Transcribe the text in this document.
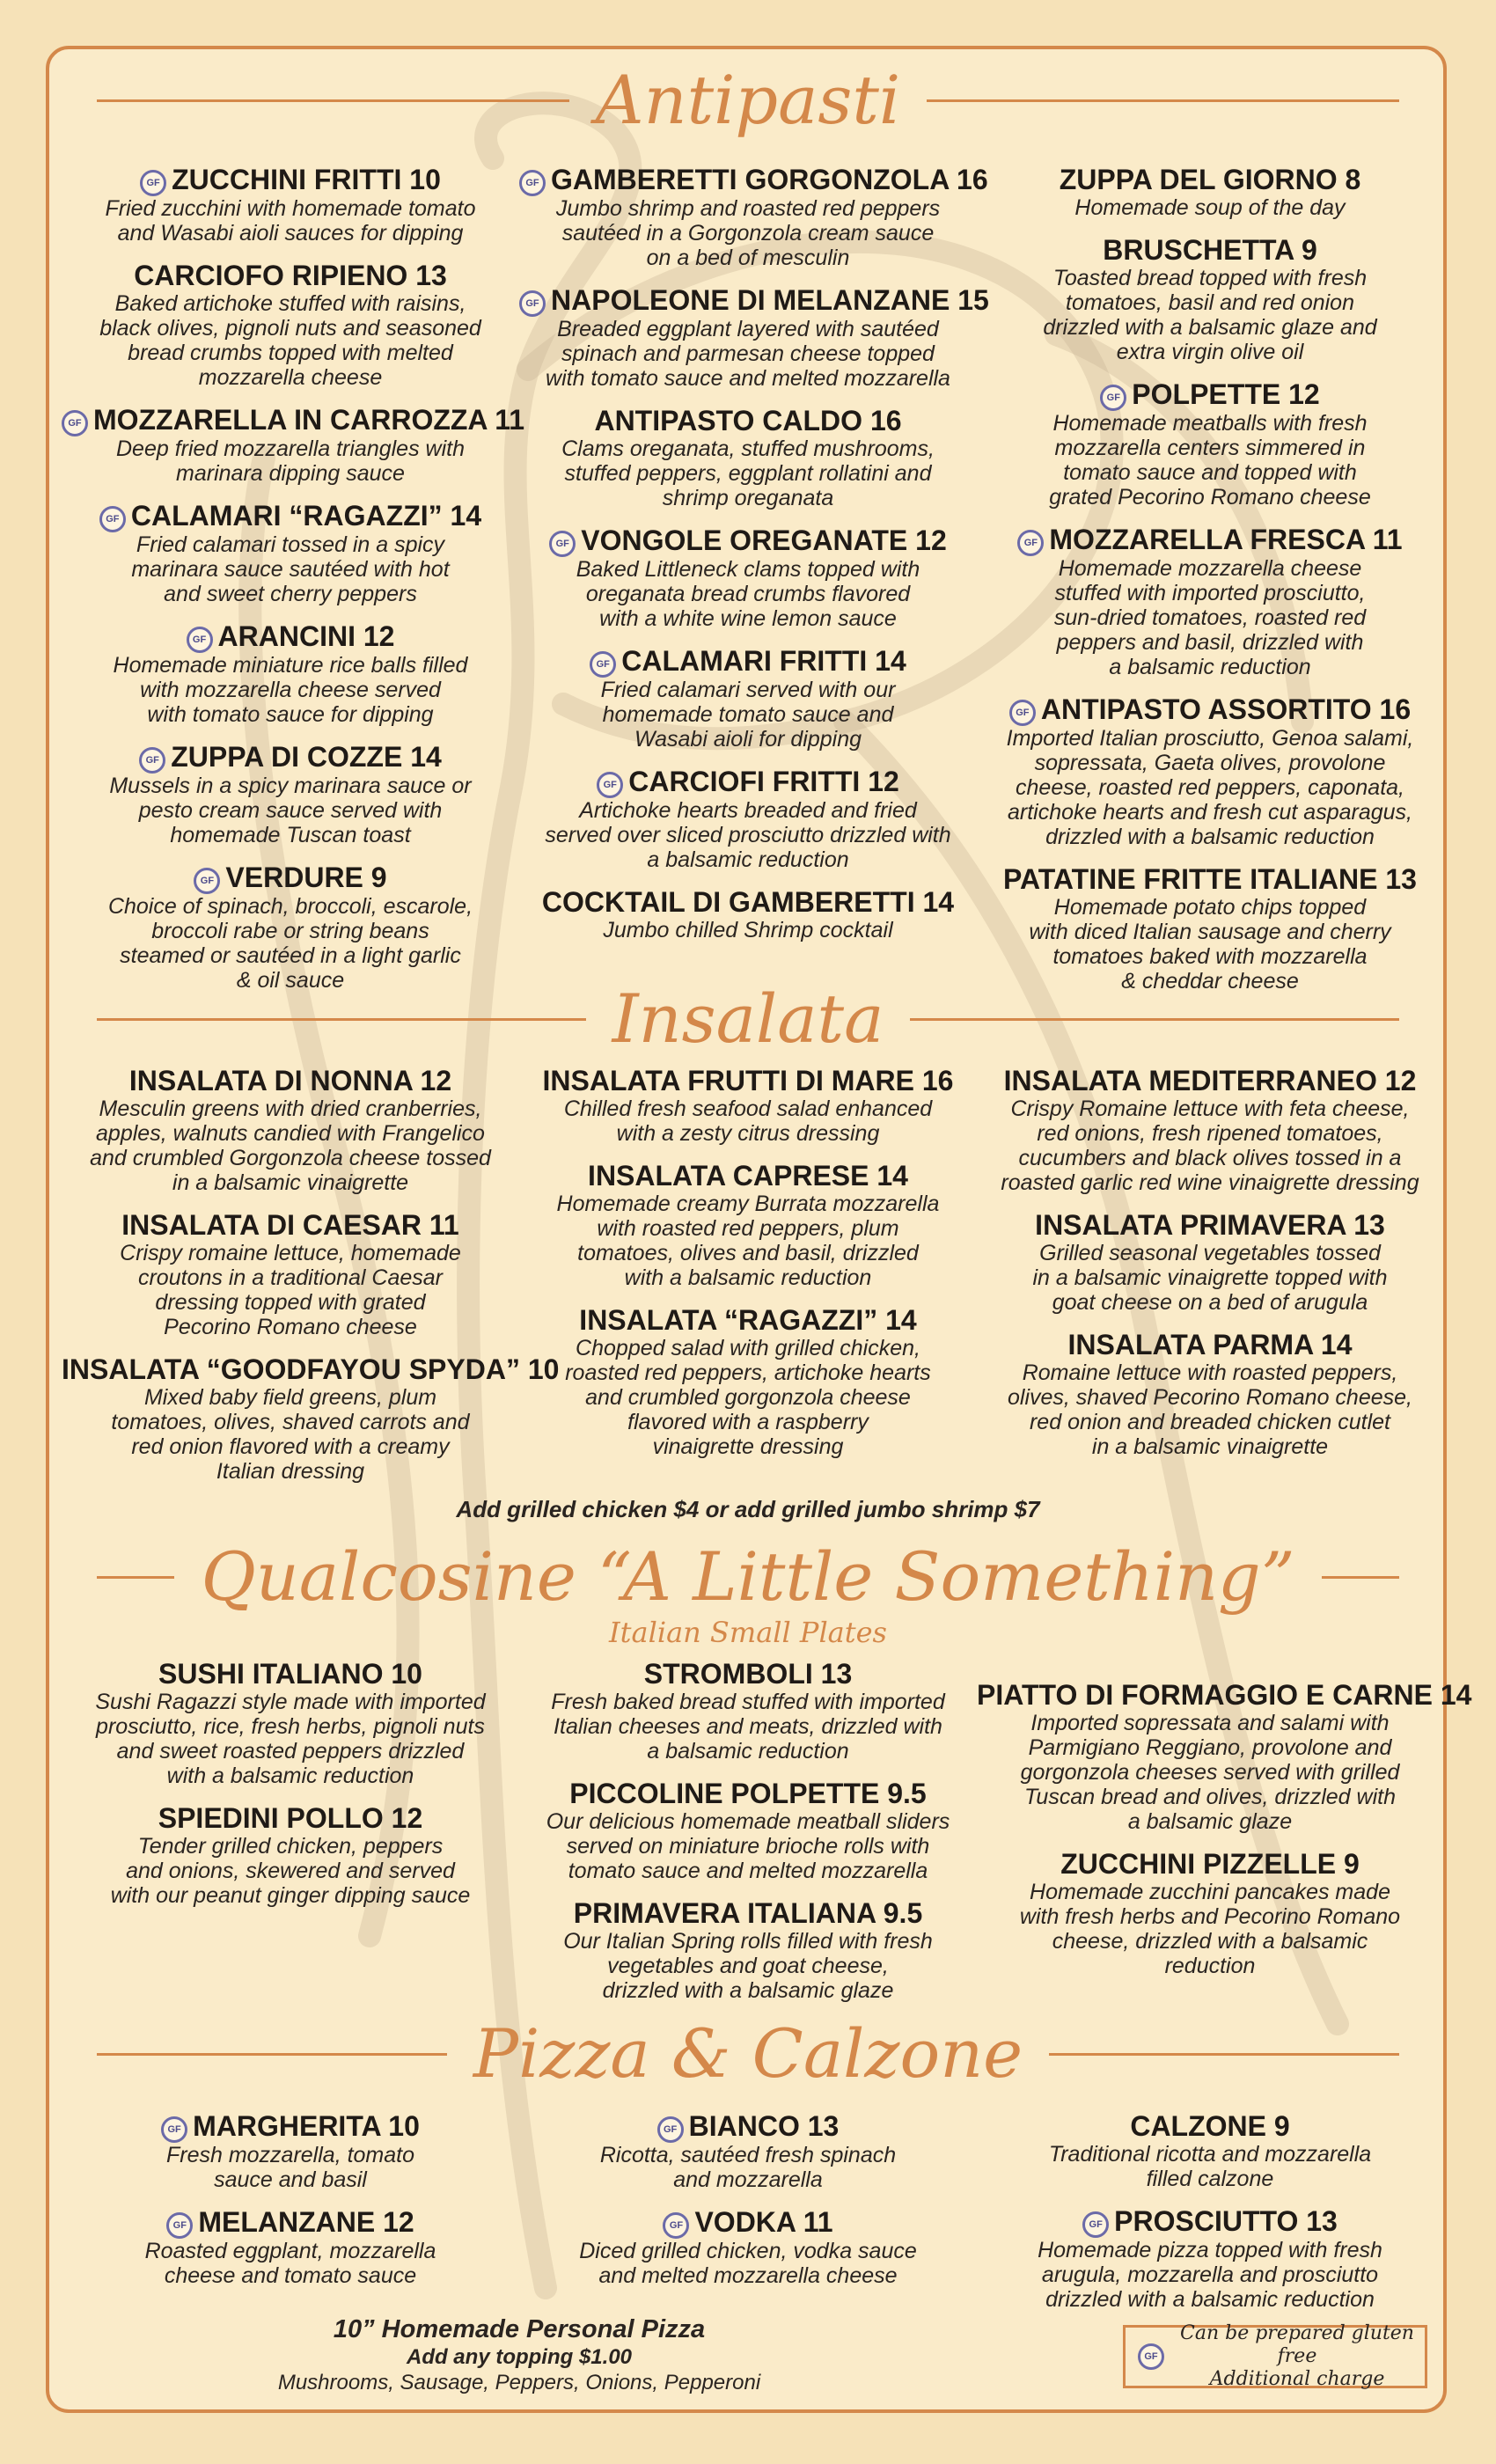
Antipasti
GF ZUCCHINI FRITTI 10
Fried zucchini with homemade tomato
and Wasabi aioli sauces for dipping
CARCIOFO RIPIENO 13
Baked artichoke stuffed with raisins,
black olives, pignoli nuts and seasoned
bread crumbs topped with melted
mozzarella cheese
GF MOZZARELLA IN CARROZZA 11
Deep fried mozzarella triangles with
marinara dipping sauce
GF CALAMARI “RAGAZZI” 14
Fried calamari tossed in a spicy
marinara sauce sautéed with hot
and sweet cherry peppers
GF ARANCINI 12
Homemade miniature rice balls filled
with mozzarella cheese served
with tomato sauce for dipping
GF ZUPPA DI COZZE 14
Mussels in a spicy marinara sauce or
pesto cream sauce served with
homemade Tuscan toast
GF VERDURE 9
Choice of spinach, broccoli, escarole,
broccoli rabe or string beans
steamed or sautéed in a light garlic
& oil sauce
GF GAMBERETTI GORGONZOLA 16
Jumbo shrimp and roasted red peppers
sautéed in a Gorgonzola cream sauce
on a bed of mesculin
GF NAPOLEONE DI MELANZANE 15
Breaded eggplant layered with sautéed
spinach and parmesan cheese topped
with tomato sauce and melted mozzarella
ANTIPASTO CALDO 16
Clams oreganata, stuffed mushrooms,
stuffed peppers, eggplant rollatini and
shrimp oreganata
GF VONGOLE OREGANATE 12
Baked Littleneck clams topped with
oreganata bread crumbs flavored
with a white wine lemon sauce
GF CALAMARI FRITTI 14
Fried calamari served with our
homemade tomato sauce and
Wasabi aioli for dipping
GF CARCIOFI FRITTI 12
Artichoke hearts breaded and fried
served over sliced prosciutto drizzled with
a balsamic reduction
COCKTAIL DI GAMBERETTI 14
Jumbo chilled Shrimp cocktail
ZUPPA DEL GIORNO 8
Homemade soup of the day
BRUSCHETTA 9
Toasted bread topped with fresh
tomatoes, basil and red onion
drizzled with a balsamic glaze and
extra virgin olive oil
GF POLPETTE 12
Homemade meatballs with fresh
mozzarella centers simmered in
tomato sauce and topped with
grated Pecorino Romano cheese
GF MOZZARELLA FRESCA 11
Homemade mozzarella cheese
stuffed with imported prosciutto,
sun-dried tomatoes, roasted red
peppers and basil, drizzled with
a balsamic reduction
GF ANTIPASTO ASSORTITO 16
Imported Italian prosciutto, Genoa salami,
sopressata, Gaeta olives, provolone
cheese, roasted red peppers, caponata,
artichoke hearts and fresh cut asparagus,
drizzled with a balsamic reduction
PATATINE FRITTE ITALIANE 13
Homemade potato chips topped
with diced Italian sausage and cherry
tomatoes baked with mozzarella
& cheddar cheese
Insalata
INSALATA DI NONNA 12
Mesculin greens with dried cranberries,
apples, walnuts candied with Frangelico
and crumbled Gorgonzola cheese tossed
in a balsamic vinaigrette
INSALATA DI CAESAR 11
Crispy romaine lettuce, homemade
croutons in a traditional Caesar
dressing topped with grated
Pecorino Romano cheese
INSALATA “GOODFAYOU SPYDA” 10
Mixed baby field greens, plum
tomatoes, olives, shaved carrots and
red onion flavored with a creamy
Italian dressing
INSALATA FRUTTI DI MARE 16
Chilled fresh seafood salad enhanced
with a zesty citrus dressing
INSALATA CAPRESE 14
Homemade creamy Burrata mozzarella
with roasted red peppers, plum
tomatoes, olives and basil, drizzled
with a balsamic reduction
INSALATA “RAGAZZI” 14
Chopped salad with grilled chicken,
roasted red peppers, artichoke hearts
and crumbled gorgonzola cheese
flavored with a raspberry
vinaigrette dressing
INSALATA MEDITERRANEO 12
Crispy Romaine lettuce with feta cheese,
red onions, fresh ripened tomatoes,
cucumbers and black olives tossed in a
roasted garlic red wine vinaigrette dressing
INSALATA PRIMAVERA 13
Grilled seasonal vegetables tossed
in a balsamic vinaigrette topped with
goat cheese on a bed of arugula
INSALATA PARMA 14
Romaine lettuce with roasted peppers,
olives, shaved Pecorino Romano cheese,
red onion and breaded chicken cutlet
in a balsamic vinaigrette
Add grilled chicken $4 or add grilled jumbo shrimp $7
Qualcosine “A Little Something”
Italian Small Plates
SUSHI ITALIANO 10
Sushi Ragazzi style made with imported
prosciutto, rice, fresh herbs, pignoli nuts
and sweet roasted peppers drizzled
with a balsamic reduction
SPIEDINI POLLO 12
Tender grilled chicken, peppers
and onions, skewered and served
with our peanut ginger dipping sauce
STROMBOLI 13
Fresh baked bread stuffed with imported
Italian cheeses and meats, drizzled with
a balsamic reduction
PICCOLINE POLPETTE 9.5
Our delicious homemade meatball sliders
served on miniature brioche rolls with
tomato sauce and melted mozzarella
PRIMAVERA ITALIANA 9.5
Our Italian Spring rolls filled with fresh
vegetables and goat cheese,
drizzled with a balsamic glaze
PIATTO DI FORMAGGIO E CARNE 14
Imported sopressata and salami with
Parmigiano Reggiano, provolone and
gorgonzola cheeses served with grilled
Tuscan bread and olives, drizzled with
a balsamic glaze
ZUCCHINI PIZZELLE 9
Homemade zucchini pancakes made
with fresh herbs and Pecorino Romano
cheese, drizzled with a balsamic
reduction
Pizza & Calzone
GF MARGHERITA 10
Fresh mozzarella, tomato
sauce and basil
GF MELANZANE 12
Roasted eggplant, mozzarella
cheese and tomato sauce
GF BIANCO 13
Ricotta, sautéed fresh spinach
and mozzarella
GF VODKA 11
Diced grilled chicken, vodka sauce
and melted mozzarella cheese
CALZONE 9
Traditional ricotta and mozzarella
filled calzone
GF PROSCIUTTO 13
Homemade pizza topped with fresh
arugula, mozzarella and prosciutto
drizzled with a balsamic reduction
10” Homemade Personal Pizza
Add any topping $1.00
Mushrooms, Sausage, Peppers, Onions, Pepperoni
GF
Can be prepared gluten free
Additional charge
